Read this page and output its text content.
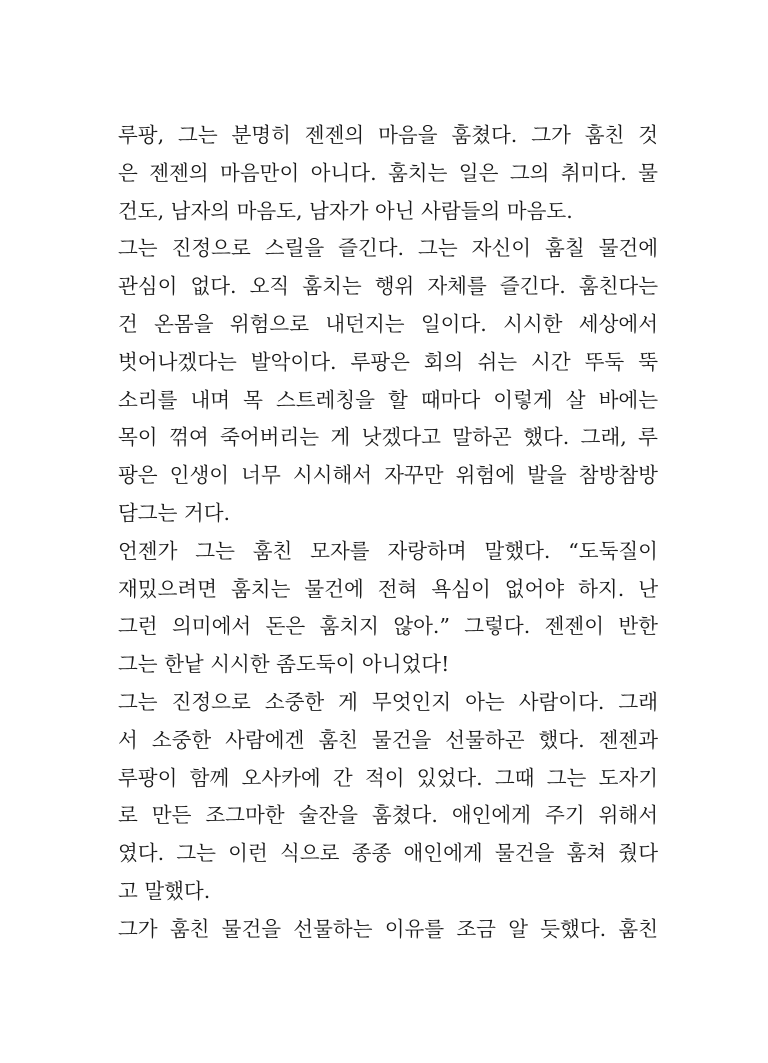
루팡, 그는 분명히 젠젠의 마음을 훔쳤다. 그가 훔친 것
은 젠젠의 마음만이 아니다. 훔치는 일은 그의 취미다. 물
건도, 남자의 마음도, 남자가 아닌 사람들의 마음도.
그는 진정으로 스릴을 즐긴다. 그는 자신이 훔칠 물건에
관심이 없다. 오직 훔치는 행위 자체를 즐긴다. 훔친다는
건 온몸을 위험으로 내던지는 일이다. 시시한 세상에서
벗어나겠다는 발악이다. 루팡은 회의 쉬는 시간 뚜둑 뚝
소리를 내며 목 스트레칭을 할 때마다 이렇게 살 바에는
목이 꺾여 죽어버리는 게 낫겠다고 말하곤 했다. 그래, 루
팡은 인생이 너무 시시해서 자꾸만 위험에 발을 참방참방
담그는 거다.
언젠가 그는 훔친 모자를 자랑하며 말했다. “도둑질이
재밌으려면 훔치는 물건에 전혀 욕심이 없어야 하지. 난
그런 의미에서 돈은 훔치지 않아.” 그렇다. 젠젠이 반한
그는 한낱 시시한 좀도둑이 아니었다!
그는 진정으로 소중한 게 무엇인지 아는 사람이다. 그래
서 소중한 사람에겐 훔친 물건을 선물하곤 했다. 젠젠과
루팡이 함께 오사카에 간 적이 있었다. 그때 그는 도자기
로 만든 조그마한 술잔을 훔쳤다. 애인에게 주기 위해서
였다. 그는 이런 식으로 종종 애인에게 물건을 훔쳐 줬다
고 말했다.
그가 훔친 물건을 선물하는 이유를 조금 알 듯했다. 훔친
